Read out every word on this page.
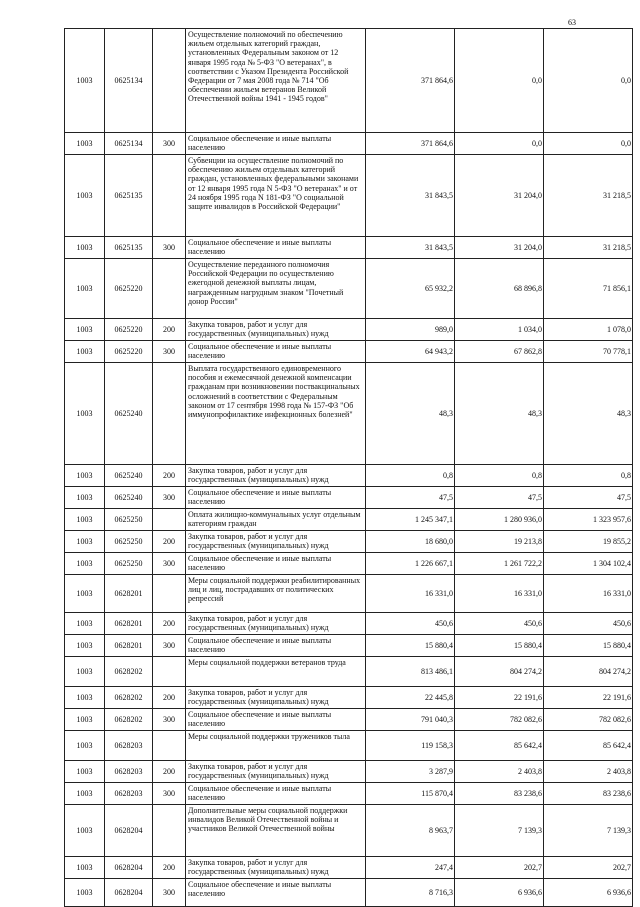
63
1003	0625134		Осуществление полномочий по обеспечению жильем отдельных категорий граждан, установленных Федеральным законом от 12 января 1995 года № 5-ФЗ "О ветеранах", в соответствии с Указом Президента Российской Федерации от 7 мая 2008 года № 714 "Об обеспечении жильем ветеранов Великой Отечественной войны 1941 - 1945 годов"	371 864,6	0,0	0,0
1003	0625134	300	Социальное обеспечение и иные выплаты населению	371 864,6	0,0	0,0
1003	0625135		Субвенции на осуществление полномочий по обеспечению жильем отдельных категорий граждан, установленных федеральными законами от 12 января 1995 года N 5-ФЗ "О ветеранах" и от 24 ноября 1995 года N 181-ФЗ "О социальной защите инвалидов в Российской Федерации"	31 843,5	31 204,0	31 218,5
1003	0625135	300	Социальное обеспечение и иные выплаты населению	31 843,5	31 204,0	31 218,5
1003	0625220		Осуществление переданного полномочия Российской Федерации по осуществлению ежегодной денежной выплаты лицам, награжденным нагрудным знаком "Почетный донор России"	65 932,2	68 896,8	71 856,1
1003	0625220	200	Закупка товаров, работ и услуг для государственных (муниципальных) нужд	989,0	1 034,0	1 078,0
1003	0625220	300	Социальное обеспечение и иные выплаты населению	64 943,2	67 862,8	70 778,1
1003	0625240		Выплата государственного единовременного пособия и ежемесячной денежной компенсации гражданам при возникновении поствакцинальных осложнений в соответствии с Федеральным законом от 17 сентября 1998 года № 157-ФЗ "Об иммунопрофилактике инфекционных болезней"	48,3	48,3	48,3
1003	0625240	200	Закупка товаров, работ и услуг для государственных (муниципальных) нужд	0,8	0,8	0,8
1003	0625240	300	Социальное обеспечение и иные выплаты населению	47,5	47,5	47,5
1003	0625250		Оплата жилищно-коммунальных услуг отдельным категориям граждан	1 245 347,1	1 280 936,0	1 323 957,6
1003	0625250	200	Закупка товаров, работ и услуг для государственных (муниципальных) нужд	18 680,0	19 213,8	19 855,2
1003	0625250	300	Социальное обеспечение и иные выплаты населению	1 226 667,1	1 261 722,2	1 304 102,4
1003	0628201		Меры социальной поддержки реабилитированных лиц и лиц, пострадавших от политических репрессий	16 331,0	16 331,0	16 331,0
1003	0628201	200	Закупка товаров, работ и услуг для государственных (муниципальных) нужд	450,6	450,6	450,6
1003	0628201	300	Социальное обеспечение и иные выплаты населению	15 880,4	15 880,4	15 880,4
1003	0628202		Меры социальной поддержки ветеранов труда	813 486,1	804 274,2	804 274,2
1003	0628202	200	Закупка товаров, работ и услуг для государственных (муниципальных) нужд	22 445,8	22 191,6	22 191,6
1003	0628202	300	Социальное обеспечение и иные выплаты населению	791 040,3	782 082,6	782 082,6
1003	0628203		Меры социальной поддержки тружеников тыла	119 158,3	85 642,4	85 642,4
1003	0628203	200	Закупка товаров, работ и услуг для государственных (муниципальных) нужд	3 287,9	2 403,8	2 403,8
1003	0628203	300	Социальное обеспечение и иные выплаты населению	115 870,4	83 238,6	83 238,6
1003	0628204		Дополнительные меры социальной поддержки инвалидов Великой Отечественной войны и участников Великой Отечественной войны	8 963,7	7 139,3	7 139,3
1003	0628204	200	Закупка товаров, работ и услуг для государственных (муниципальных) нужд	247,4	202,7	202,7
1003	0628204	300	Социальное обеспечение и иные выплаты населению	8 716,3	6 936,6	6 936,6
